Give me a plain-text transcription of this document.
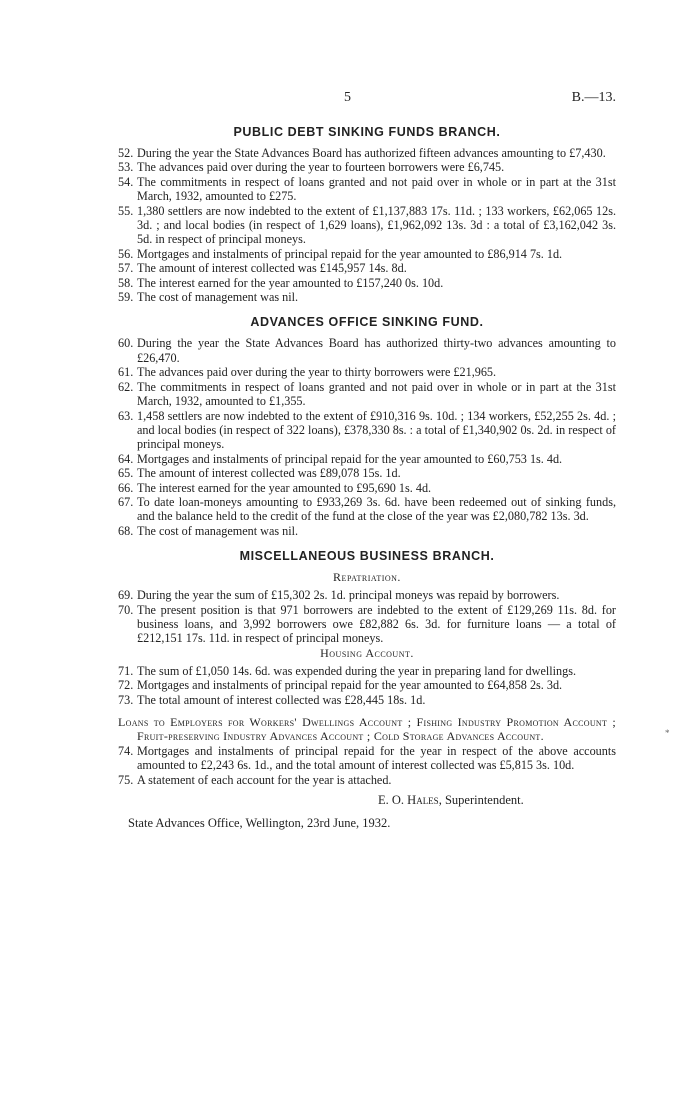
5	B.—13.
PUBLIC DEBT SINKING FUNDS BRANCH.

52. During the year the State Advances Board has authorized fifteen advances amounting to £7,430.

53. The advances paid over during the year to fourteen borrowers were £6,745.

54. The commitments in respect of loans granted and not paid over in whole or in part at the 31st March, 1932, amounted to £275.

55. 1,380 settlers are now indebted to the extent of £1,137,883 17s. 11d. ; 133 workers, £62,065 12s. 3d. ; and local bodies (in respect of 1,629 loans), £1,962,092 13s. 3d : a total of £3,162,042 3s. 5d. in respect of principal moneys.

56. Mortgages and instalments of principal repaid for the year amounted to £86,914 7s. 1d.

57. The amount of interest collected was £145,957 14s. 8d.

58. The interest earned for the year amounted to £157,240 0s. 10d.

59. The cost of management was nil.

ADVANCES OFFICE SINKING FUND.

60. During the year the State Advances Board has authorized thirty-two advances amounting to £26,470.

61. The advances paid over during the year to thirty borrowers were £21,965.

62. The commitments in respect of loans granted and not paid over in whole or in part at the 31st March, 1932, amounted to £1,355.

63. 1,458 settlers are now indebted to the extent of £910,316 9s. 10d. ; 134 workers, £52,255 2s. 4d. ; and local bodies (in respect of 322 loans), £378,330 8s. : a total of £1,340,902 0s. 2d. in respect of principal moneys.

64. Mortgages and instalments of principal repaid for the year amounted to £60,753 1s. 4d.

65. The amount of interest collected was £89,078 15s. 1d.

66. The interest earned for the year amounted to £95,690 1s. 4d.

67. To date loan-moneys amounting to £933,269 3s. 6d. have been redeemed out of sinking funds, and the balance held to the credit of the fund at the close of the year was £2,080,782 13s. 3d.

68. The cost of management was nil.

MISCELLANEOUS BUSINESS BRANCH.
Repatriation.

69. During the year the sum of £15,302 2s. 1d. principal moneys was repaid by borrowers.

70. The present position is that 971 borrowers are indebted to the extent of £129,269 11s. 8d. for business loans, and 3,992 borrowers owe £82,882 6s. 3d. for furniture loans — a total of £212,151 17s. 11d. in respect of principal moneys.

Housing Account.

71. The sum of £1,050 14s. 6d. was expended during the year in preparing land for dwellings.

72. Mortgages and instalments of principal repaid for the year amounted to £64,858 2s. 3d.

73. The total amount of interest collected was £28,445 18s. 1d.

Loans to Employers for Workers' Dwellings Account ; Fishing Industry Promotion Account ; Fruit-preserving Industry Advances Account ; Cold Storage Advances Account.

74. Mortgages and instalments of principal repaid for the year in respect of the above accounts amounted to £2,243 6s. 1d., and the total amount of interest collected was £5,815 3s. 10d.

75. A statement of each account for the year is attached.

E. O. Hales, Superintendent.
State Advances Office, Wellington, 23rd June, 1932.
*
